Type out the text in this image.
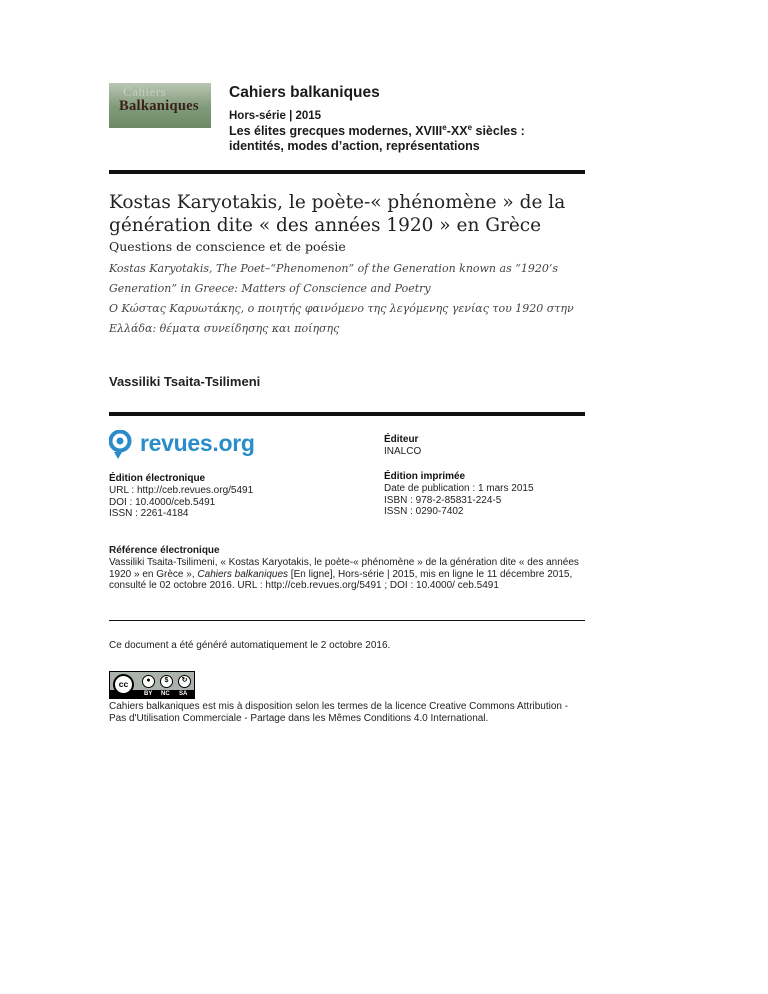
Cahiers
Balkaniques
Cahiers balkaniques
Hors-série | 2015
Les élites grecques modernes, XVIIIe-XXe siècles : identités, modes d’action, représentations
Kostas Karyotakis, le poète-« phénomène » de la génération dite « des années 1920 » en Grèce
Questions de conscience et de poésie
Kostas Karyotakis, The Poet–“Phenomenon” of the Generation known as “1920’s Generation” in Greece: Matters of Conscience and Poetry
Ο Κώστας Καρυωτάκης, ο ποιητής φαινόμενο της λεγόμενης γενίας του 1920 στην Ελλάδα: θέματα συνείδησης και ποίησης
Vassiliki Tsaita-Tsilimeni
revues.org	Éditeur
INALCO
Édition électronique
URL : http://ceb.revues.org/5491
DOI : 10.4000/ceb.5491
ISSN : 2261-4184
Édition imprimée
Date de publication : 1 mars 2015
ISBN : 978-2-85831-224-5
ISSN : 0290-7402
Référence électronique
Vassiliki Tsaita-Tsilimeni, « Kostas Karyotakis, le poète-« phénomène » de la génération dite « des années 1920 » en Grèce », Cahiers balkaniques [En ligne], Hors-série | 2015, mis en ligne le 11 décembre 2015, consulté le 02 octobre 2016. URL : http://ceb.revues.org/5491 ; DOI : 10.4000/ ceb.5491
Ce document a été généré automatiquement le 2 octobre 2016.
cc	●	$	↻
BY NC SA
Cahiers balkaniques est mis à disposition selon les termes de la licence Creative Commons Attribution - Pas d'Utilisation Commerciale - Partage dans les Mêmes Conditions 4.0 International.
